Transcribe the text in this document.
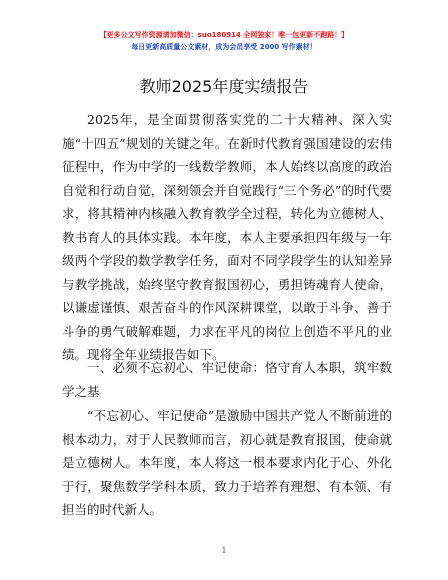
【更多公文写作资源请加微信：suo180914 全网独家！唯一包更新不跑路！】
每日更新高质量公文素材，成为会员享受 2000 写作素材！
教师2025年度实绩报告

2025年，是全面贯彻落实党的二十大精神、深入实施“十四五”规划的关键之年。在新时代教育强国建设的宏伟征程中，作为中学的一线数学教师，本人始终以高度的政治自觉和行动自觉，深刻领会并自觉践行“三个务必”的时代要求，将其精神内核融入教育教学全过程，转化为立德树人、教书育人的具体实践。本年度，本人主要承担四年级与一年级两个学段的数学教学任务，面对不同学段学生的认知差异与教学挑战，始终坚守教育报国初心，勇担铸魂育人使命，以谦虚谨慎、艰苦奋斗的作风深耕课堂，以敢于斗争、善于斗争的勇气破解难题，力求在平凡的岗位上创造不平凡的业绩。现将全年业绩报告如下。

一、必须不忘初心、牢记使命：恪守育人本职，筑牢数学之基

“不忘初心、牢记使命”是激励中国共产党人不断前进的根本动力，对于人民教师而言，初心就是教育报国，使命就是立德树人。本年度，本人将这一根本要求内化于心、外化于行，聚焦数学学科本质，致力于培养有理想、有本领、有担当的时代新人。

1
